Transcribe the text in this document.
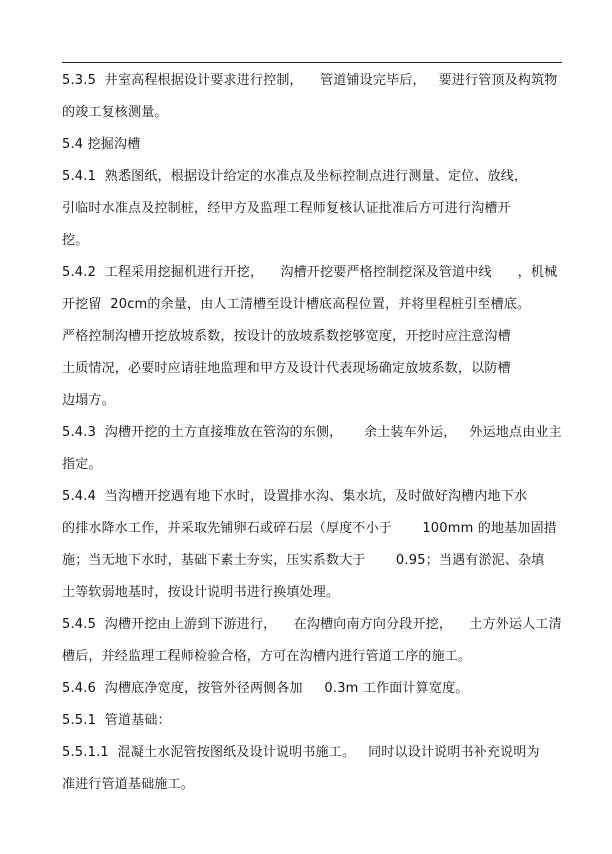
5.3.5  井室高程根据设计要求进行控制，    管道铺设完毕后，   要进行管顶及构筑物
的竣工复核测量。
5.4 挖掘沟槽
5.4.1  熟悉图纸，根据设计给定的水准点及坐标控制点进行测量、定位、放线，
引临时水准点及控制桩，经甲方及监理工程师复核认证批准后方可进行沟槽开
挖。
5.4.2  工程采用挖掘机进行开挖，    沟槽开挖要严格控制挖深及管道中线      ，机械
开挖留  20cm的余量，由人工清槽至设计槽底高程位置，并将里程桩引至槽底。
严格控制沟槽开挖放坡系数，按设计的放坡系数挖够宽度，开挖时应注意沟槽
土质情况，必要时应请驻地监理和甲方及设计代表现场确定放坡系数，以防槽
边塌方。
5.4.3  沟槽开挖的土方直接堆放在管沟的东侧，     余土装车外运，   外运地点由业主
指定。
5.4.4  当沟槽开挖遇有地下水时，设置排水沟、集水坑，及时做好沟槽内地下水
的排水降水工作，并采取先铺卵石或碎石层（厚度不小于       100mm 的地基加固措
施；当无地下水时，基础下素土夯实，压实系数大于       0.95；当遇有淤泥、杂填
土等软弱地基时，按设计说明书进行换填处理。
5.4.5  沟槽开挖由上游到下游进行，    在沟槽向南方向分段开挖，    土方外运人工清
槽后，并经监理工程师检验合格，方可在沟槽内进行管道工序的施工。
5.4.6  沟槽底净宽度，按管外径两侧各加     0.3m 工作面计算宽度。
5.5.1  管道基础：
5.5.1.1  混凝土水泥管按图纸及设计说明书施工。   同时以设计说明书补充说明为
准进行管道基础施工。
